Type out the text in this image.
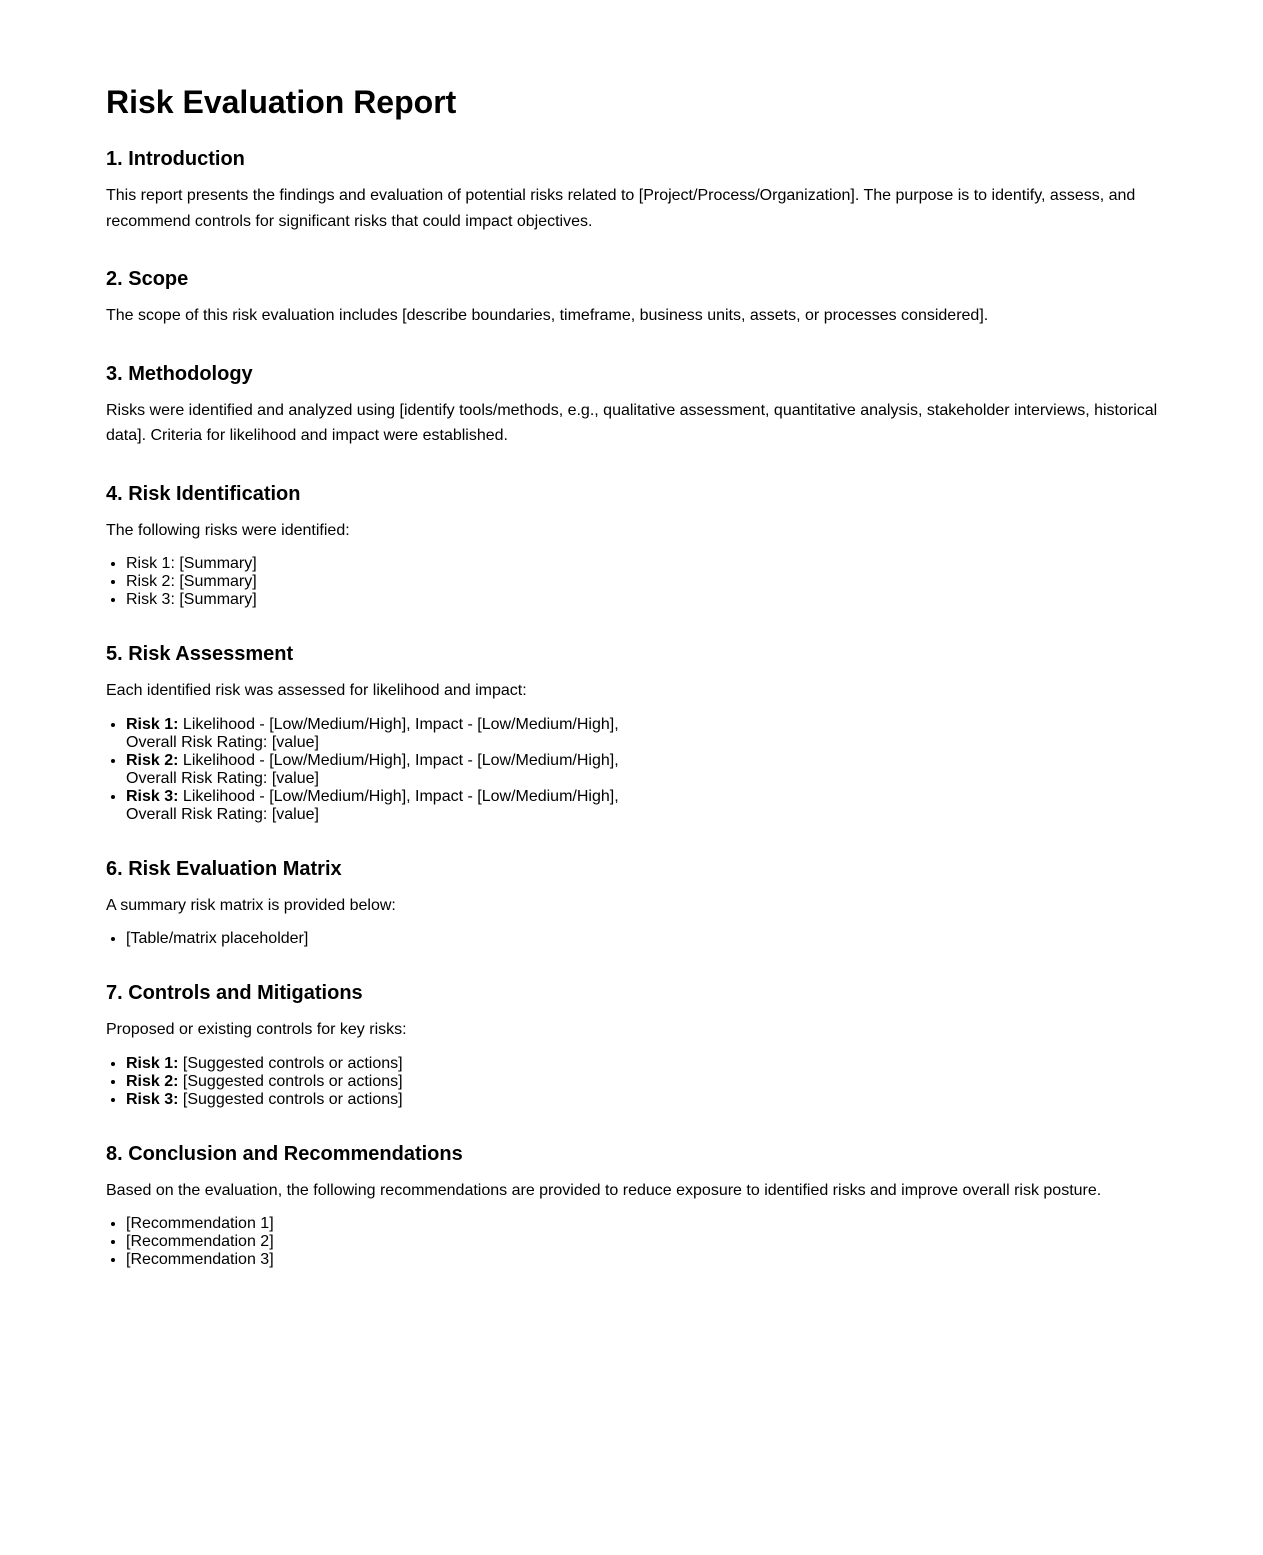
Risk Evaluation Report
1. Introduction

This report presents the findings and evaluation of potential risks related to [Project/Process/Organization]. The purpose is to identify, assess, and recommend controls for significant risks that could impact objectives.

2. Scope

The scope of this risk evaluation includes [describe boundaries, timeframe, business units, assets, or processes considered].

3. Methodology

Risks were identified and analyzed using [identify tools/methods, e.g., qualitative assessment, quantitative analysis, stakeholder interviews, historical data]. Criteria for likelihood and impact were established.

4. Risk Identification

The following risks were identified:

• Risk 1: [Summary]
• Risk 2: [Summary]
• Risk 3: [Summary]
5. Risk Assessment

Each identified risk was assessed for likelihood and impact:

• Risk 1: Likelihood - [Low/Medium/High], Impact - [Low/Medium/High], Overall Risk Rating: [value]
• Risk 2: Likelihood - [Low/Medium/High], Impact - [Low/Medium/High], Overall Risk Rating: [value]
• Risk 3: Likelihood - [Low/Medium/High], Impact - [Low/Medium/High], Overall Risk Rating: [value]
6. Risk Evaluation Matrix

A summary risk matrix is provided below:

• [Table/matrix placeholder]
7. Controls and Mitigations

Proposed or existing controls for key risks:

• Risk 1: [Suggested controls or actions]
• Risk 2: [Suggested controls or actions]
• Risk 3: [Suggested controls or actions]
8. Conclusion and Recommendations

Based on the evaluation, the following recommendations are provided to reduce exposure to identified risks and improve overall risk posture.

• [Recommendation 1]
• [Recommendation 2]
• [Recommendation 3]
